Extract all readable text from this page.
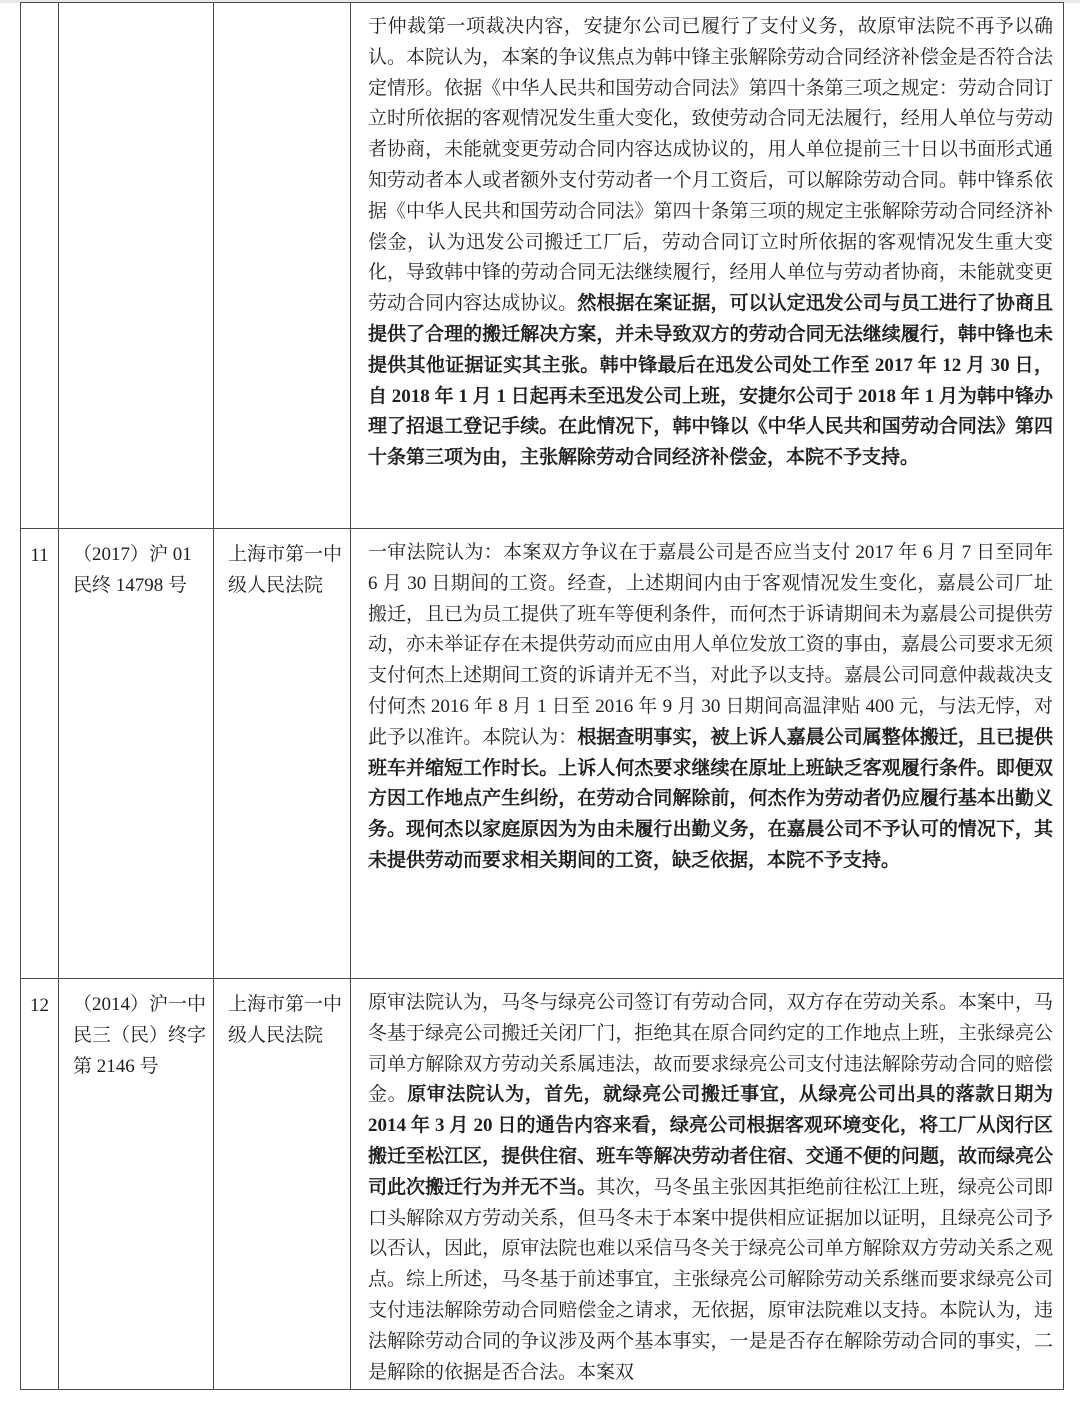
			于仲裁第一项裁决内容，安捷尔公司已履行了支付义务，故原审法院不再予以确认。本院认为，本案的争议焦点为韩中锋主张解除劳动合同经济补偿金是否符合法定情形。依据《中华人民共和国劳动合同法》第四十条第三项之规定：劳动合同订立时所依据的客观情况发生重大变化，致使劳动合同无法履行，经用人单位与劳动者协商，未能就变更劳动合同内容达成协议的，用人单位提前三十日以书面形式通知劳动者本人或者额外支付劳动者一个月工资后，可以解除劳动合同。韩中锋系依据《中华人民共和国劳动合同法》第四十条第三项的规定主张解除劳动合同经济补偿金，认为迅发公司搬迁工厂后，劳动合同订立时所依据的客观情况发生重大变化，导致韩中锋的劳动合同无法继续履行，经用人单位与劳动者协商，未能就变更劳动合同内容达成协议。然根据在案证据，可以认定迅发公司与员工进行了协商且提供了合理的搬迁解决方案，并未导致双方的劳动合同无法继续履行，韩中锋也未提供其他证据证实其主张。韩中锋最后在迅发公司处工作至 2017 年 12 月 30 日，自 2018 年 1 月 1 日起再未至迅发公司上班，安捷尔公司于 2018 年 1 月为韩中锋办理了招退工登记手续。在此情况下，韩中锋以《中华人民共和国劳动合同法》第四十条第三项为由，主张解除劳动合同经济补偿金，本院不予支持。

11	（2017）沪 01 民终 14798 号	上海市第一中级人民法院	一审法院认为：本案双方争议在于嘉晨公司是否应当支付 2017 年 6 月 7 日至同年 6 月 30 日期间的工资。经查，上述期间内由于客观情况发生变化，嘉晨公司厂址搬迁，且已为员工提供了班车等便利条件，而何杰于诉请期间未为嘉晨公司提供劳动，亦未举证存在未提供劳动而应由用人单位发放工资的事由，嘉晨公司要求无须支付何杰上述期间工资的诉请并无不当，对此予以支持。嘉晨公司同意仲裁裁决支付何杰 2016 年 8 月 1 日至 2016 年 9 月 30 日期间高温津贴 400 元，与法无悖，对此予以准许。本院认为：根据查明事实，被上诉人嘉晨公司属整体搬迁，且已提供班车并缩短工作时长。上诉人何杰要求继续在原址上班缺乏客观履行条件。即便双方因工作地点产生纠纷，在劳动合同解除前，何杰作为劳动者仍应履行基本出勤义务。现何杰以家庭原因为为由未履行出勤义务，在嘉晨公司不予认可的情况下，其未提供劳动而要求相关期间的工资，缺乏依据，本院不予支持。

12	（2014）沪一中民三（民）终字第 2146 号	上海市第一中级人民法院	原审法院认为，马冬与绿亮公司签订有劳动合同，双方存在劳动关系。本案中，马冬基于绿亮公司搬迁关闭厂门，拒绝其在原合同约定的工作地点上班，主张绿亮公司单方解除双方劳动关系属违法，故而要求绿亮公司支付违法解除劳动合同的赔偿金。原审法院认为，首先，就绿亮公司搬迁事宜，从绿亮公司出具的落款日期为 2014 年 3 月 20 日的通告内容来看，绿亮公司根据客观环境变化，将工厂从闵行区搬迁至松江区，提供住宿、班车等解决劳动者住宿、交通不便的问题，故而绿亮公司此次搬迁行为并无不当。其次，马冬虽主张因其拒绝前往松江上班，绿亮公司即口头解除双方劳动关系，但马冬未于本案中提供相应证据加以证明，且绿亮公司予以否认，因此，原审法院也难以采信马冬关于绿亮公司单方解除双方劳动关系之观点。综上所述，马冬基于前述事宜，主张绿亮公司解除劳动关系继而要求绿亮公司支付违法解除劳动合同赔偿金之请求，无依据，原审法院难以支持。本院认为，违法解除劳动合同的争议涉及两个基本事实，一是是否存在解除劳动合同的事实，二是解除的依据是否合法。本案双
